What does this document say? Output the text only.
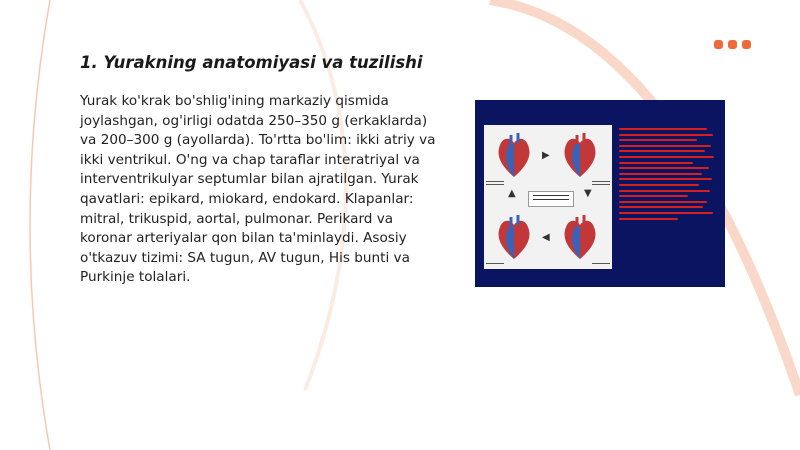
1. Yurakning anatomiyasi va tuzilishi

Yurak ko'krak bo'shlig'ining markaziy qismida joylashgan, og'irligi odatda 250–350 g (erkaklarda) va 200–300 g (ayollarda). To'rtta bo'lim: ikki atriy va ikki ventrikul. O'ng va chap taraflar interatriyal va interventrikulyar septumlar bilan ajratilgan. Yurak qavatlari: epikard, miokard, endokard. Klapanlar: mitral, trikuspid, aortal, pulmonar. Perikard va koronar arteriyalar qon bilan ta'minlaydi. Asosiy o'tkazuv tizimi: SA tugun, AV tugun, His bunti va Purkinje tolalari.

▶
▼
◀
▲
